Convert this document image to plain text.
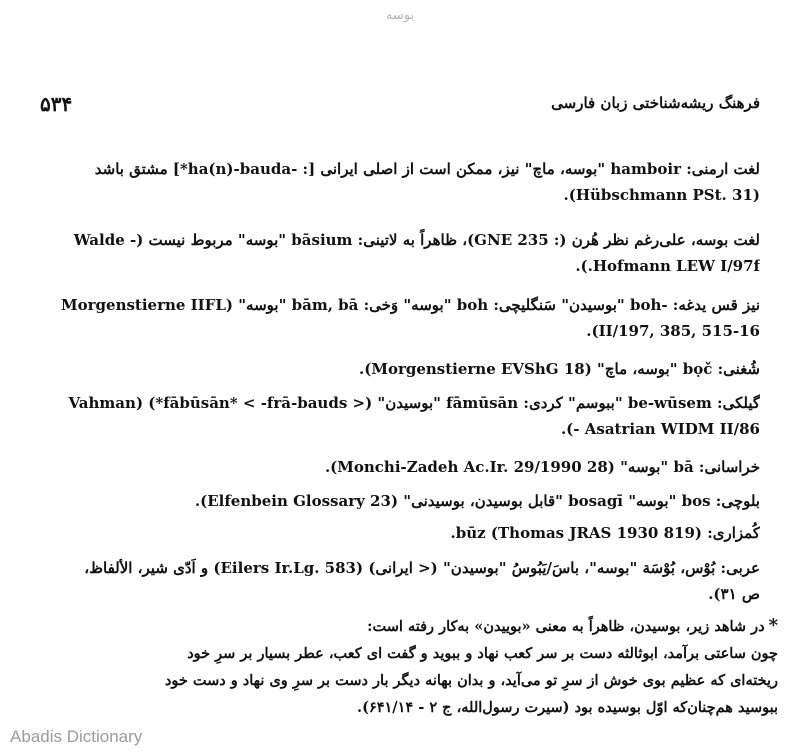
بوسه
۵۳۴	فرهنگ ریشه‌شناختی زبان فارسی
لغت ارمنی: hamboir "بوسه، ماچ" نیز، ممکن است از اصلی ایرانی [: -ha(n)-bauda*] مشتق باشد
(Hübschmann PSt. 31).
لغت بوسه، علی‌رغم نظر هُرن (: GNE 235)، ظاهراً به لاتینی: bāsium "بوسه" مربوط نیست (- Walde
Hofmann LEW I/97f.).
نیز قس یدغه: -boh "بوسیدن" سَنگلیچی: boh "بوسه" وَخی: bām, bā "بوسه" (Morgenstierne IIFL
II/197, 385, 515-16).
شُغنی: bọč "بوسه، ماچ" (Morgenstierne EVShG 18).
گیلکی: be-wūsem "ببوسم" کردی: fāmūsān "بوسیدن" (< fābūsān* < -frā-bauds*) (Vahman
Asatrian WIDM II/86 -).
خراسانی: bā "بوسه" (Monchi-Zadeh Ac.Ir. 29/1990 28).
بلوچی: bos "بوسه" bosagī "قابل بوسیدن، بوسیدنی" (Elfenbein Glossary 23).
کُمزاری: būz (Thomas JRAS 1930 819).
عربی: بُوْس، بُوْسَة "بوسه"، باسَ/یَبُوسُ "بوسیدن" (< ایرانی) (Eilers Ir.Lg. 583) و اَدّی شیر، الألفاظ،
ص ۳۱).
*در شاهد زیر، بوسیدن، ظاهراً به معنی «بوییدن» به‌کار رفته است:
چون ساعتی برآمد، ابوثالثه دست بر سر کعب نهاد و ببوید و گفت ای کعب، عطر بسیار بر سرِ خود
ریخته‌ای که عظیم بوی خوش از سرِ تو می‌آید، و بدان بهانه دیگر بار دست بر سرِ وی نهاد و دست خود
ببوسید هم‌چنان‌که اوّل بوسیده بود (سیرت رسول‌الله، ج ۲ - ۶۴۱/۱۴).
Abadis Dictionary
